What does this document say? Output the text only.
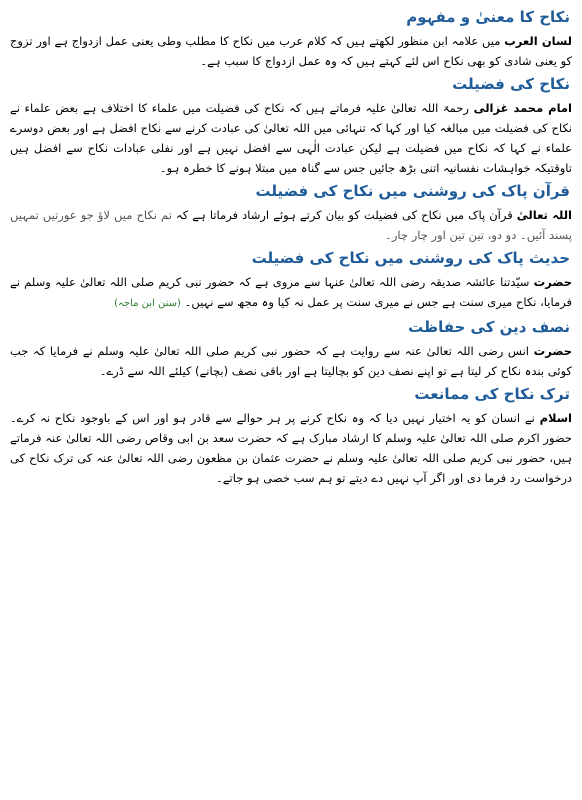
نکاح کا معنیٰ و مفہوم

لسان العرب میں علامہ ابن منظور لکھتے ہیں کہ کلام عرب میں نکاح کا مطلب وطی یعنی عمل ازدواج ہے اور تزوج کو یعنی شادی کو بھی نکاح اس لئے کہتے ہیں کہ وہ عمل ازدواج کا سبب ہے۔

نکاح کی فضیلت

امام محمد غزالی رحمۃ اللہ تعالیٰ علیہ فرماتے ہیں کہ نکاح کی فضیلت میں علماء کا اختلاف ہے بعض علماء نے نکاح کی فضیلت میں مبالغہ کیا اور کہا کہ تنہائی میں اللہ تعالیٰ کی عبادت کرنے سے نکاح افضل ہے اور بعض دوسرے علماء نے کہا کہ نکاح میں فضیلت ہے لیکن عبادت الٰہی سے افضل نہیں ہے اور نفلی عبادات نکاح سے افضل ہیں تاوقتیکہ خواہشات نفسانیہ اتنی بڑھ جائیں جس سے گناہ میں مبتلا ہونے کا خطرہ ہو۔

قرآن پاک کی روشنی میں نکاح کی فضیلت

اللہ تعالیٰ قرآن پاک میں نکاح کی فضیلت کو بیان کرتے ہوئے ارشاد فرماتا ہے کہ تم نکاح میں لاؤ جو عورتیں تمہیں پسند آئیں۔ دو دو، تین تین اور چار چار۔

حدیث پاک کی روشنی میں نکاح کی فضیلت

حضرت سیّدتنا عائشہ صدیقہ رضی اللہ تعالیٰ عنہا سے مروی ہے کہ حضور نبی کریم صلی اللہ تعالیٰ علیہ وسلم نے فرمایا، نکاح میری سنت ہے جس نے میری سنت پر عمل نہ کیا وہ مجھ سے نہیں۔ (سنن ابن ماجہ)

نصف دین کی حفاظت

حضرت انس رضی اللہ تعالیٰ عنہ سے روایت ہے کہ حضور نبی کریم صلی اللہ تعالیٰ علیہ وسلم نے فرمایا کہ جب کوئی بندہ نکاح کر لیتا ہے تو اپنے نصف دین کو بچالیتا ہے اور باقی نصف (بچانے) کیلئے اللہ سے ڈرے۔

ترک نکاح کی ممانعت

اسلام نے انسان کو یہ اختیار نہیں دیا کہ وہ نکاح کرنے پر ہر حوالے سے قادر ہو اور اس کے باوجود نکاح نہ کرے۔ حضور اکرم صلی اللہ تعالیٰ علیہ وسلم کا ارشاد مبارک ہے کہ حضرت سعد بن ابی وقاص رضی اللہ تعالیٰ عنہ فرماتے ہیں، حضور نبی کریم صلی اللہ تعالیٰ علیہ وسلم نے حضرت عثمان بن مظعون رضی اللہ تعالیٰ عنہ کی ترک نکاح کی درخواست رد فرما دی اور اگر آپ نہیں دے دیتے تو ہم سب خصی ہو جاتے۔
